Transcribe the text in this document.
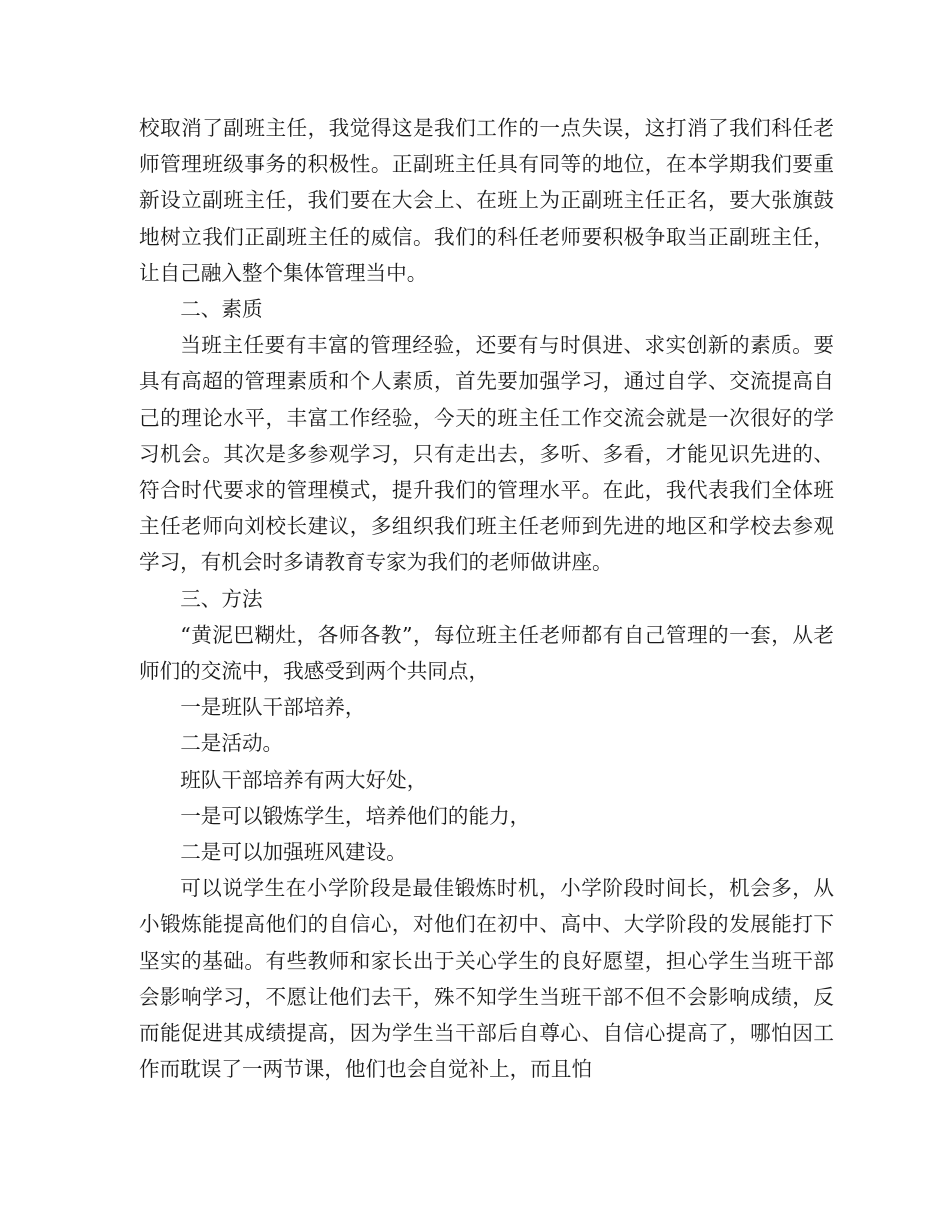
校取消了副班主任，我觉得这是我们工作的一点失误，这打消了我们科任老师管理班级事务的积极性。正副班主任具有同等的地位，在本学期我们要重新设立副班主任，我们要在大会上、在班上为正副班主任正名，要大张旗鼓地树立我们正副班主任的威信。我们的科任老师要积极争取当正副班主任，让自己融入整个集体管理当中。

二、素质

当班主任要有丰富的管理经验，还要有与时俱进、求实创新的素质。要具有高超的管理素质和个人素质，首先要加强学习，通过自学、交流提高自己的理论水平，丰富工作经验，今天的班主任工作交流会就是一次很好的学习机会。其次是多参观学习，只有走出去，多听、多看，才能见识先进的、符合时代要求的管理模式，提升我们的管理水平。在此，我代表我们全体班主任老师向刘校长建议，多组织我们班主任老师到先进的地区和学校去参观学习，有机会时多请教育专家为我们的老师做讲座。

三、方法

“黄泥巴糊灶，各师各教”，每位班主任老师都有自己管理的一套，从老师们的交流中，我感受到两个共同点，

一是班队干部培养，

二是活动。

班队干部培养有两大好处，

一是可以锻炼学生，培养他们的能力，

二是可以加强班风建设。

可以说学生在小学阶段是最佳锻炼时机，小学阶段时间长，机会多，从小锻炼能提高他们的自信心，对他们在初中、高中、大学阶段的发展能打下坚实的基础。有些教师和家长出于关心学生的良好愿望，担心学生当班干部会影响学习，不愿让他们去干，殊不知学生当班干部不但不会影响成绩，反而能促进其成绩提高，因为学生当干部后自尊心、自信心提高了，哪怕因工作而耽误了一两节课，他们也会自觉补上，而且怕
